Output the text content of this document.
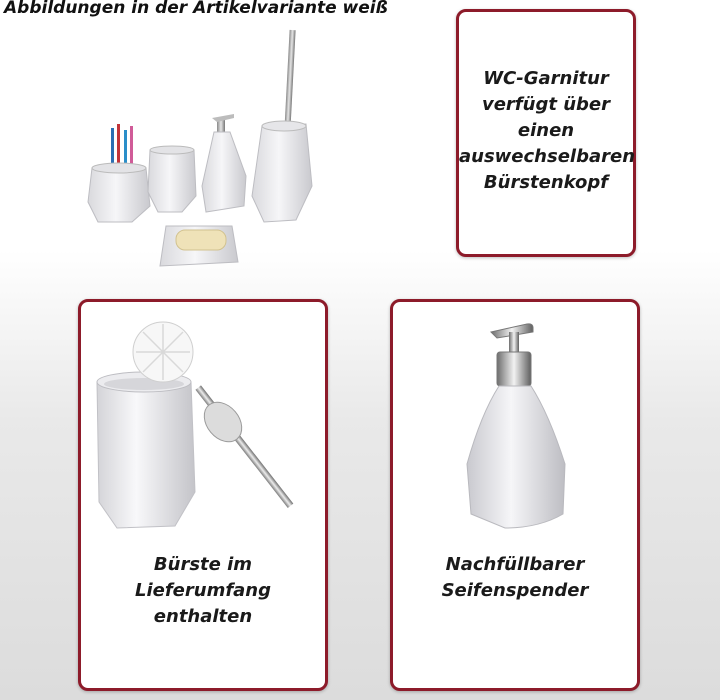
Abbildungen in der Artikelvariante weiß
WC-Garnitur
verfügt über
einen
auswechselbaren
Bürstenkopf
Bürste im
Lieferumfang
enthalten
Nachfüllbarer
Seifenspender
